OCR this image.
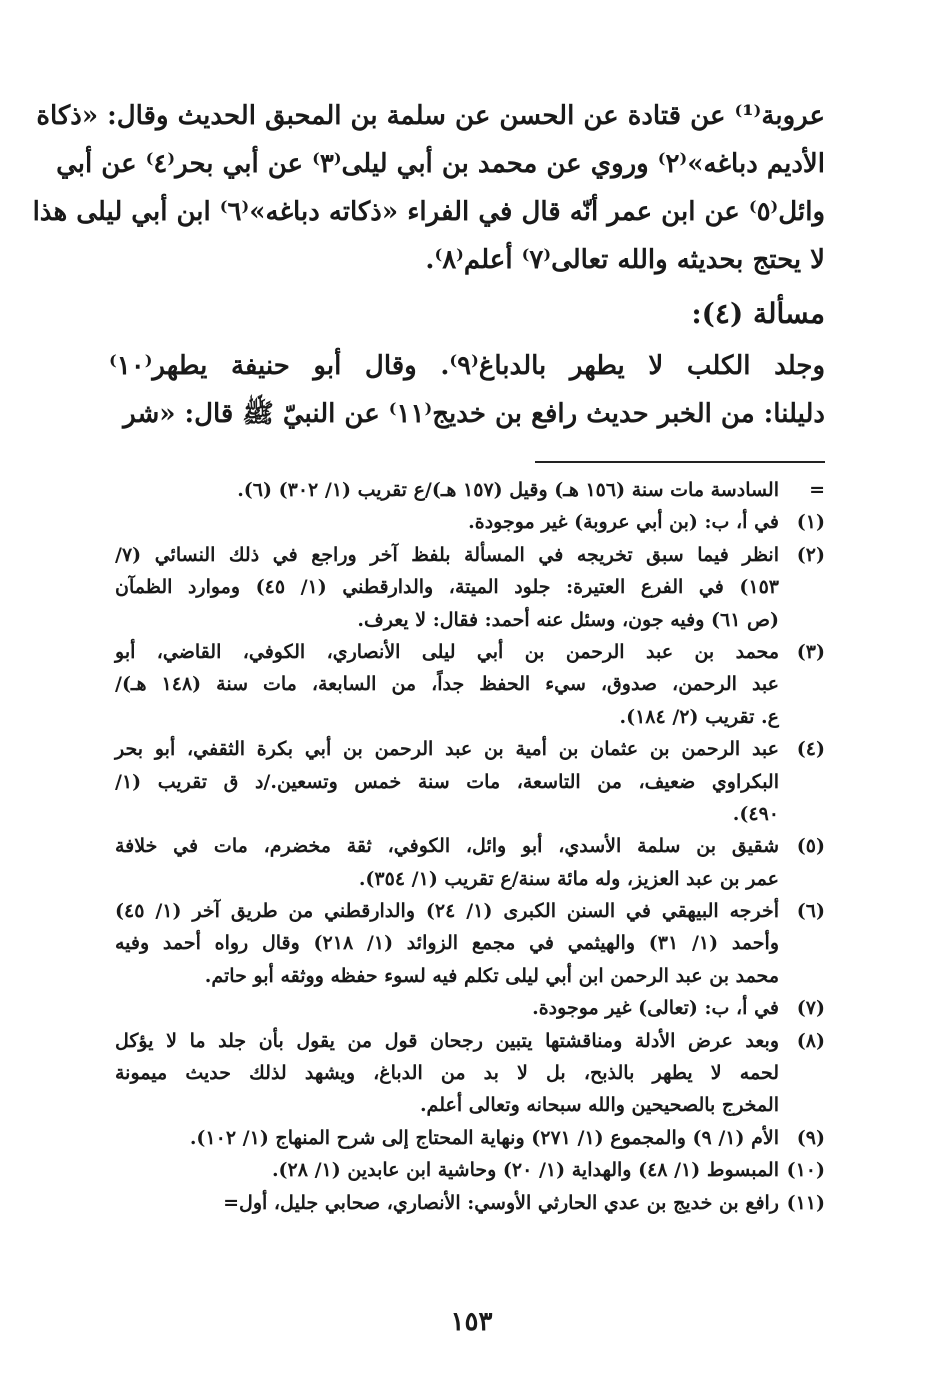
عروبة⁽¹⁾ عن قتادة عن الحسن عن سلمة بن المحبق الحديث وقال: «ذكاة
الأديم دباغه»⁽٢⁾ وروي عن محمد بن أبي ليلى⁽٣⁾ عن أبي بحر⁽٤⁾ عن أبي
وائل⁽٥⁾ عن ابن عمر أنّه قال في الفراء «ذكاته دباغه»⁽٦⁾ ابن أبي ليلى هذا
لا يحتج بحديثه والله تعالى⁽٧⁾ أعلم⁽٨⁾.
مسألة (٤):
وجلد الكلب لا يطهر بالدباغ⁽٩⁾. وقال أبو حنيفة يطهر⁽١٠⁾
دليلنا: من الخبر حديث رافع بن خديج⁽١١⁾ عن النبيّ ﷺ قال: «شر
=
السادسة مات سنة (١٥٦ هـ) وقيل (١٥٧ هـ)/ع تقريب (١/ ٣٠٢) (٦).
(١)
في أ، ب: (بن أبي عروبة) غير موجودة.
(٢)
انظر فيما سبق تخريجه في المسألة بلفظ آخر وراجع في ذلك النسائي (٧/
١٥٣) في الفرع العتيرة: جلود الميتة، والدارقطني (١/ ٤٥) وموارد الظمآن
(ص ٦١) وفيه جون، وسئل عنه أحمد: فقال: لا يعرف.
(٣)
محمد بن عبد الرحمن بن أبي ليلى الأنصاري، الكوفي، القاضي، أبو
عبد الرحمن، صدوق، سيء الحفظ جداً، من السابعة، مات سنة (١٤٨ هـ)/
ع. تقريب (٢/ ١٨٤).
(٤)
عبد الرحمن بن عثمان بن أمية بن عبد الرحمن بن أبي بكرة الثقفي، أبو بحر
البكراوي ضعيف، من التاسعة، مات سنة خمس وتسعين./د ق تقريب (١/
٤٩٠).
(٥)
شقيق بن سلمة الأسدي، أبو وائل، الكوفي، ثقة مخضرم، مات في خلافة
عمر بن عبد العزيز، وله مائة سنة/ع تقريب (١/ ٣٥٤).
(٦)
أخرجه البيهقي في السنن الكبرى (١/ ٢٤) والدارقطني من طريق آخر (١/ ٤٥)
وأحمد (١/ ٣١) والهيثمي في مجمع الزوائد (١/ ٢١٨) وقال رواه أحمد وفيه
محمد بن عبد الرحمن ابن أبي ليلى تكلم فيه لسوء حفظه ووثقه أبو حاتم.
(٧)
في أ، ب: (تعالى) غير موجودة.
(٨)
وبعد عرض الأدلة ومناقشتها يتبين رجحان قول من يقول بأن جلد ما لا يؤكل
لحمه لا يطهر بالذبح، بل لا بد من الدباغ، ويشهد لذلك حديث ميمونة
المخرج بالصحيحين والله سبحانه وتعالى أعلم.
(٩)
الأم (١/ ٩) والمجموع (١/ ٢٧١) ونهاية المحتاج إلى شرح المنهاج (١/ ١٠٢).
(١٠)
المبسوط (١/ ٤٨) والهداية (١/ ٢٠) وحاشية ابن عابدين (١/ ٢٨).
(١١)
رافع بن خديج بن عدي الحارثي الأوسي: الأنصاري، صحابي جليل، أول=
١٥٣
